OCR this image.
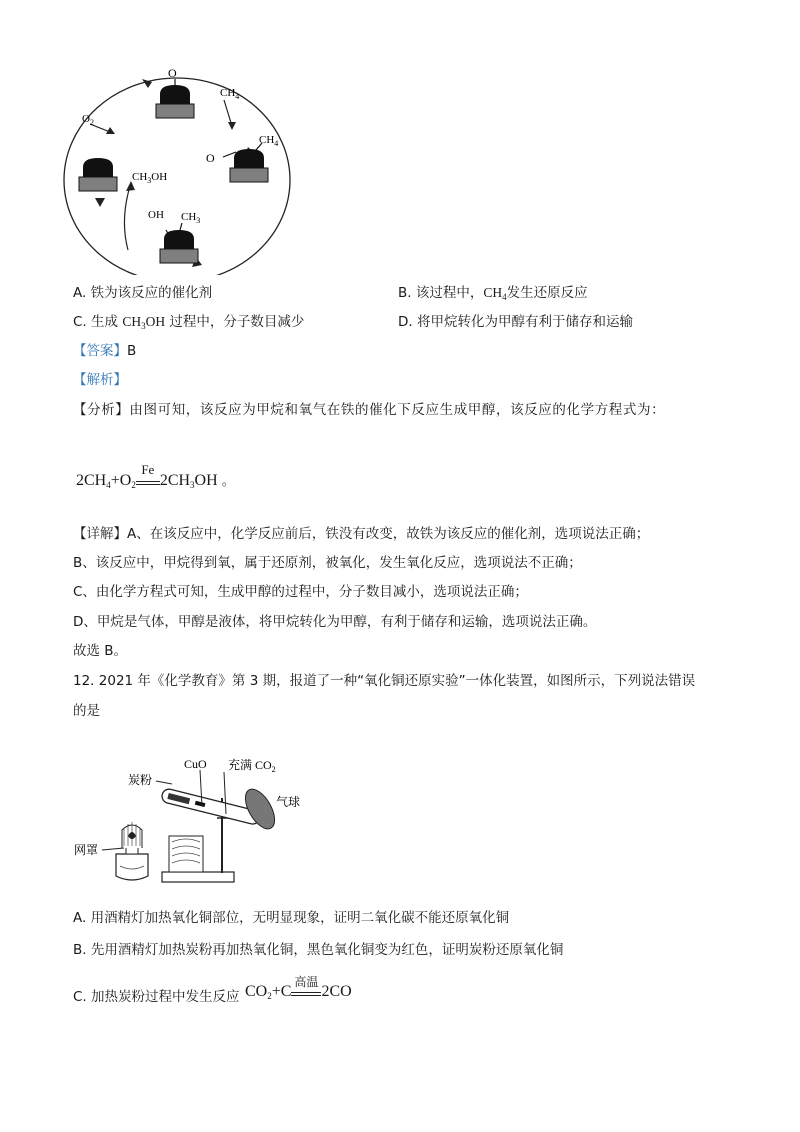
O
$CH_4$
$O_2$
O
$CH_4$
$CH_3OH$
OH $CH_3$
A. 铁为该反应的催化剂	B. 该过程中，$CH_4$发生还原反应
C. 生成 $CH_3OH$ 过程中，分子数目减少	D. 将甲烷转化为甲醇有利于储存和运输
【答案】B
【解析】
【分析】由图可知，该反应为甲烷和氧气在铁的催化下反应生成甲醇，该反应的化学方程式为：
$2CH_4+O_2$
Fe
$2CH_3OH$ 。
【详解】A、在该反应中，化学反应前后，铁没有改变，故铁为该反应的催化剂，选项说法正确；
B、该反应中，甲烷得到氧，属于还原剂，被氧化，发生氧化反应，选项说法不正确；
C、由化学方程式可知，生成甲醇的过程中，分子数目减小，选项说法正确；
D、甲烷是气体，甲醇是液体，将甲烷转化为甲醇，有利于储存和运输，选项说法正确。
故选 B。
12. 2021 年《化学教育》第 3 期，报道了一种“氧化铜还原实验”一体化装置，如图所示，下列说法错误
的是
CuO 充满 $CO_2$
炭粉
气球
网罩
A. 用酒精灯加热氧化铜部位，无明显现象，证明二氧化碳不能还原氧化铜
B. 先用酒精灯加热炭粉再加热氧化铜，黑色氧化铜变为红色，证明炭粉还原氧化铜
C. 加热炭粉过程中发生反应 $CO_2+C$
高温
2CO
